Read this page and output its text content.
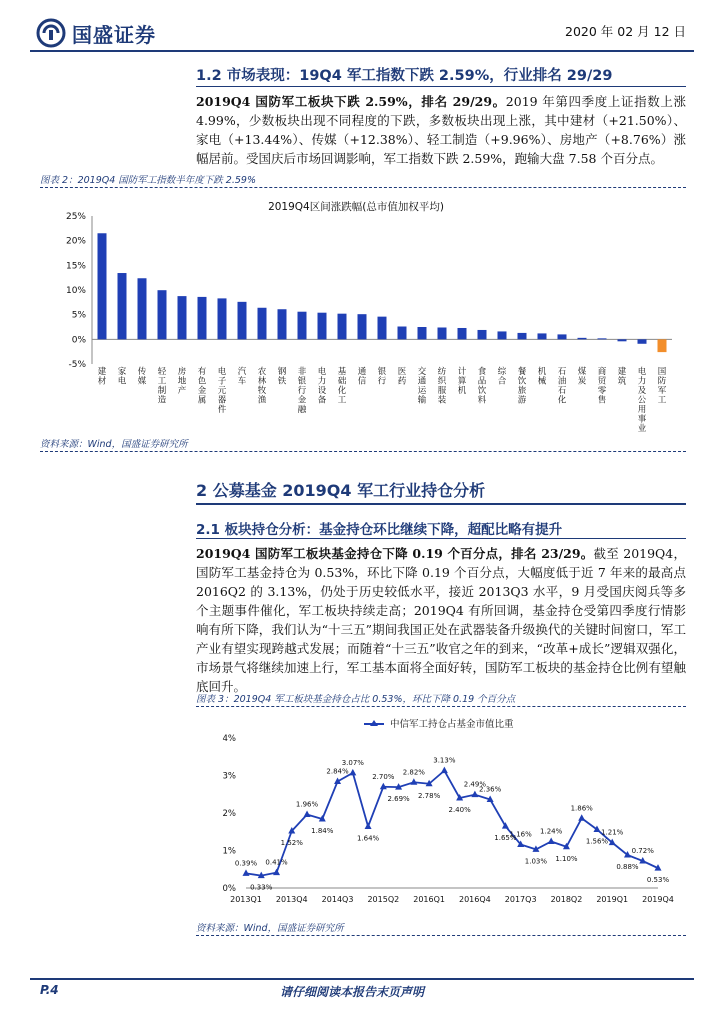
国盛证券	2020 年 02 月 12 日
1.2 市场表现：19Q4 军工指数下跌 2.59%，行业排名 29/29
2019Q4 国防军工板块下跌 2.59%，排名 29/29。2019 年第四季度上证指数上涨 4.99%，少数板块出现不同程度的下跌，多数板块出现上涨，其中建材（+21.50%）、家电（+13.44%）、传媒（+12.38%）、轻工制造（+9.96%）、房地产（+8.76%）涨幅居前。受国庆后市场回调影响，军工指数下跌 2.59%，跑输大盘 7.58 个百分点。
图表 2：2019Q4 国防军工指数半年度下跌 2.59%
2019Q4区间涨跌幅(总市值加权平均)
-5%
0%
5%
10%
15%
20%
25%
建
材
家
电
传
媒
轻
工
制
造
房
地
产
有
色
金
属
电
子
元
器
件
汽
车
农
林
牧
渔
钢
铁
非
银
行
金
融
电
力
设
备
基
础
化
工
通
信
银
行
医
药
交
通
运
输
纺
织
服
装
计
算
机
食
品
饮
料
综
合
餐
饮
旅
游
机
械
石
油
石
化
煤
炭
商
贸
零
售
建
筑
电
力
及
公
用
事
业
国
防
军
工
资料来源：Wind，国盛证券研究所
2 公募基金 2019Q4 军工行业持仓分析
2.1 板块持仓分析：基金持仓环比继续下降，超配比略有提升
2019Q4 国防军工板块基金持仓下降 0.19 个百分点，排名 23/29。截至 2019Q4，国防军工基金持仓为 0.53%，环比下降 0.19 个百分点，大幅度低于近 7 年来的最高点 2016Q2 的 3.13%，仍处于历史较低水平，接近 2013Q3 水平，9 月受国庆阅兵等多个主题事件催化，军工板块持续走高；2019Q4 有所回调，基金持仓受第四季度行情影响有所下降，我们认为“十三五”期间我国正处在武器装备升级换代的关键时间窗口，军工产业有望实现跨越式发展；而随着“十三五”收官之年的到来，“改革+成长”逻辑双强化，市场景气将继续加速上行，军工基本面将全面好转，国防军工板块的基金持仓比例有望触底回升。
图表 3：2019Q4 军工板块基金持仓占比 0.53%，环比下降 0.19 个百分点
中信军工持仓占基金市值比重
0%
1%
2%
3%
4%
2013Q1 2013Q4 2014Q3 2015Q2 2016Q1 2016Q4 2017Q3 2018Q2 2019Q1 2019Q4
0.39%
0.33%
0.41%
1.52%
1.96%
1.84%
2.84%
3.07%
1.64%
2.70%
2.69%
2.82%
2.78%
3.13%
2.40%
2.49%
2.36%
1.65%
1.16%
1.03%
1.24%
1.10%
1.86%
1.56%
1.21%
0.88%
0.72%
0.53%
资料来源：Wind，国盛证券研究所
P.4	请仔细阅读本报告末页声明
